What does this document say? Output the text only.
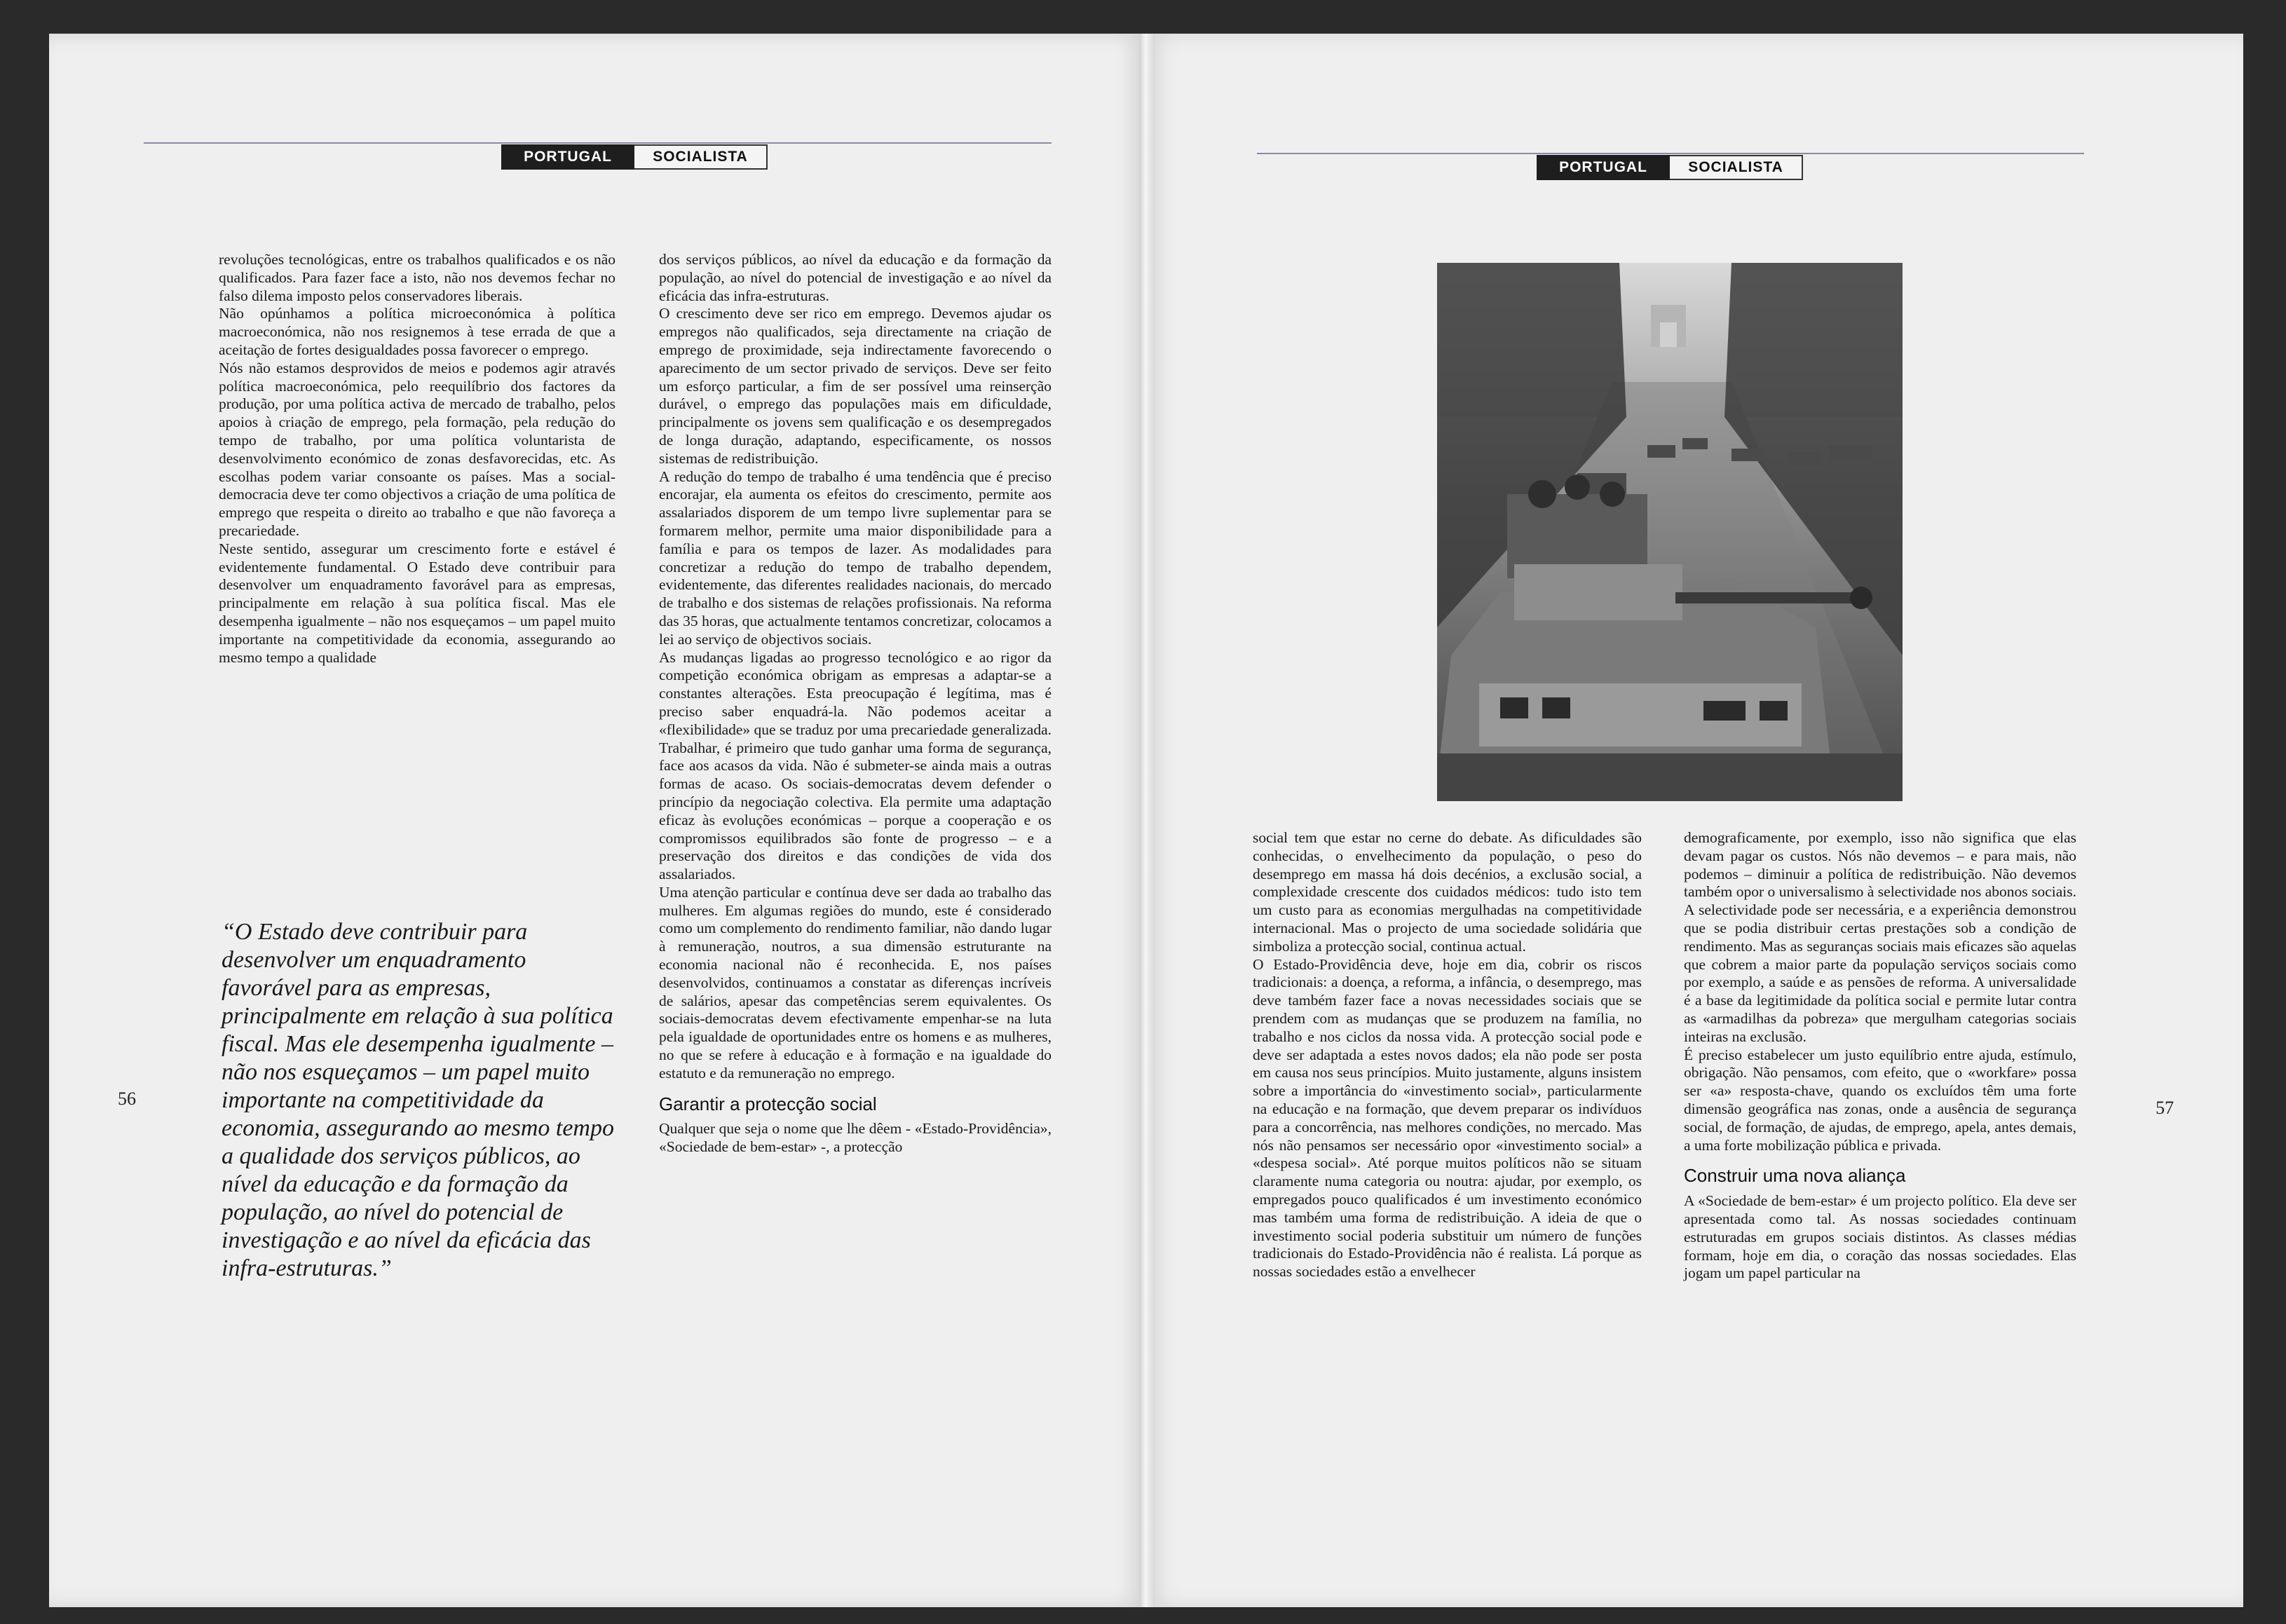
PORTUGAL	SOCIALISTA
PORTUGAL	SOCIALISTA

revoluções tecnológicas, entre os trabalhos qualificados e os não qualificados. Para fazer face a isto, não nos devemos fechar no falso dilema imposto pelos conservadores liberais.

Não opúnhamos a política microeconómica à política macroeconómica, não nos resignemos à tese errada de que a aceitação de fortes desigualdades possa favorecer o emprego.

Nós não estamos desprovidos de meios e podemos agir através política macroeconómica, pelo reequilíbrio dos factores da produção, por uma política activa de mercado de trabalho, pelos apoios à criação de emprego, pela formação, pela redução do tempo de trabalho, por uma política voluntarista de desenvolvimento económico de zonas desfavorecidas, etc. As escolhas podem variar consoante os países. Mas a social-democracia deve ter como objectivos a criação de uma política de emprego que respeita o direito ao trabalho e que não favoreça a precariedade.

Neste sentido, assegurar um crescimento forte e estável é evidentemente fundamental. O Estado deve contribuir para desenvolver um enquadramento favorável para as empresas, principalmente em relação à sua política fiscal. Mas ele desempenha igualmente – não nos esqueçamos – um papel muito importante na competitividade da economia, assegurando ao mesmo tempo a qualidade

“O Estado deve contribuir para desenvolver um enquadramento favorável para as empresas, principalmente em relação à sua política fiscal. Mas ele desempenha igualmente – não nos esqueçamos – um papel muito importante na competitividade da economia, assegurando ao mesmo tempo a qualidade dos serviços públicos, ao nível da educação e da formação da população, ao nível do potencial de investigação e ao nível da eficácia das infra-estruturas.”
56

dos serviços públicos, ao nível da educação e da formação da população, ao nível do potencial de investigação e ao nível da eficácia das infra-estruturas.

O crescimento deve ser rico em emprego. Devemos ajudar os empregos não qualificados, seja directamente na criação de emprego de proximidade, seja indirectamente favorecendo o aparecimento de um sector privado de serviços. Deve ser feito um esforço particular, a fim de ser possível uma reinserção durável, o emprego das populações mais em dificuldade, principalmente os jovens sem qualificação e os desempregados de longa duração, adaptando, especificamente, os nossos sistemas de redistribuição.

A redução do tempo de trabalho é uma tendência que é preciso encorajar, ela aumenta os efeitos do crescimento, permite aos assalariados disporem de um tempo livre suplementar para se formarem melhor, permite uma maior disponibilidade para a família e para os tempos de lazer. As modalidades para concretizar a redução do tempo de trabalho dependem, evidentemente, das diferentes realidades nacionais, do mercado de trabalho e dos sistemas de relações profissionais. Na reforma das 35 horas, que actualmente tentamos concretizar, colocamos a lei ao serviço de objectivos sociais.

As mudanças ligadas ao progresso tecnológico e ao rigor da competição económica obrigam as empresas a adaptar-se a constantes alterações. Esta preocupação é legítima, mas é preciso saber enquadrá-la. Não podemos aceitar a «flexibilidade» que se traduz por uma precariedade generalizada. Trabalhar, é primeiro que tudo ganhar uma forma de segurança, face aos acasos da vida. Não é submeter-se ainda mais a outras formas de acaso. Os sociais-democratas devem defender o princípio da negociação colectiva. Ela permite uma adaptação eficaz às evoluções económicas – porque a cooperação e os compromissos equilibrados são fonte de progresso – e a preservação dos direitos e das condições de vida dos assalariados.

Uma atenção particular e contínua deve ser dada ao trabalho das mulheres. Em algumas regiões do mundo, este é considerado como um complemento do rendimento familiar, não dando lugar à remuneração, noutros, a sua dimensão estruturante na economia nacional não é reconhecida. E, nos países desenvolvidos, continuamos a constatar as diferenças incríveis de salários, apesar das competências serem equivalentes. Os sociais-democratas devem efectivamente empenhar-se na luta pela igualdade de oportunidades entre os homens e as mulheres, no que se refere à educação e à formação e na igualdade do estatuto e da remuneração no emprego.

Garantir a protecção social

Qualquer que seja o nome que lhe dêem - «Estado-Providência», «Sociedade de bem-estar» -, a protecção

social tem que estar no cerne do debate. As dificuldades são conhecidas, o envelhecimento da população, o peso do desemprego em massa há dois decénios, a exclusão social, a complexidade crescente dos cuidados médicos: tudo isto tem um custo para as economias mergulhadas na competitividade internacional. Mas o projecto de uma sociedade solidária que simboliza a protecção social, continua actual.

O Estado-Providência deve, hoje em dia, cobrir os riscos tradicionais: a doença, a reforma, a infância, o desemprego, mas deve também fazer face a novas necessidades sociais que se prendem com as mudanças que se produzem na família, no trabalho e nos ciclos da nossa vida. A protecção social pode e deve ser adaptada a estes novos dados; ela não pode ser posta em causa nos seus princípios. Muito justamente, alguns insistem sobre a importância do «investimento social», particularmente na educação e na formação, que devem preparar os indivíduos para a concorrência, nas melhores condições, no mercado. Mas nós não pensamos ser necessário opor «investimento social» a «despesa social». Até porque muitos políticos não se situam claramente numa categoria ou noutra: ajudar, por exemplo, os empregados pouco qualificados é um investimento económico mas também uma forma de redistribuição. A ideia de que o investimento social poderia substituir um número de funções tradicionais do Estado-Providência não é realista. Lá porque as nossas sociedades estão a envelhecer

demograficamente, por exemplo, isso não significa que elas devam pagar os custos. Nós não devemos – e para mais, não podemos – diminuir a política de redistribuição. Não devemos também opor o universalismo à selectividade nos abonos sociais. A selectividade pode ser necessária, e a experiência demonstrou que se podia distribuir certas prestações sob a condição de rendimento. Mas as seguranças sociais mais eficazes são aquelas que cobrem a maior parte da população serviços sociais como por exemplo, a saúde e as pensões de reforma. A universalidade é a base da legitimidade da política social e permite lutar contra as «armadilhas da pobreza» que mergulham categorias sociais inteiras na exclusão.

É preciso estabelecer um justo equilíbrio entre ajuda, estímulo, obrigação. Não pensamos, com efeito, que o «workfare» possa ser «a» resposta-chave, quando os excluídos têm uma forte dimensão geográfica nas zonas, onde a ausência de segurança social, de formação, de ajudas, de emprego, apela, antes demais, a uma forte mobilização pública e privada.

Construir uma nova aliança

A «Sociedade de bem-estar» é um projecto político. Ela deve ser apresentada como tal. As nossas sociedades continuam estruturadas em grupos sociais distintos. As classes médias formam, hoje em dia, o coração das nossas sociedades. Elas jogam um papel particular na

57
